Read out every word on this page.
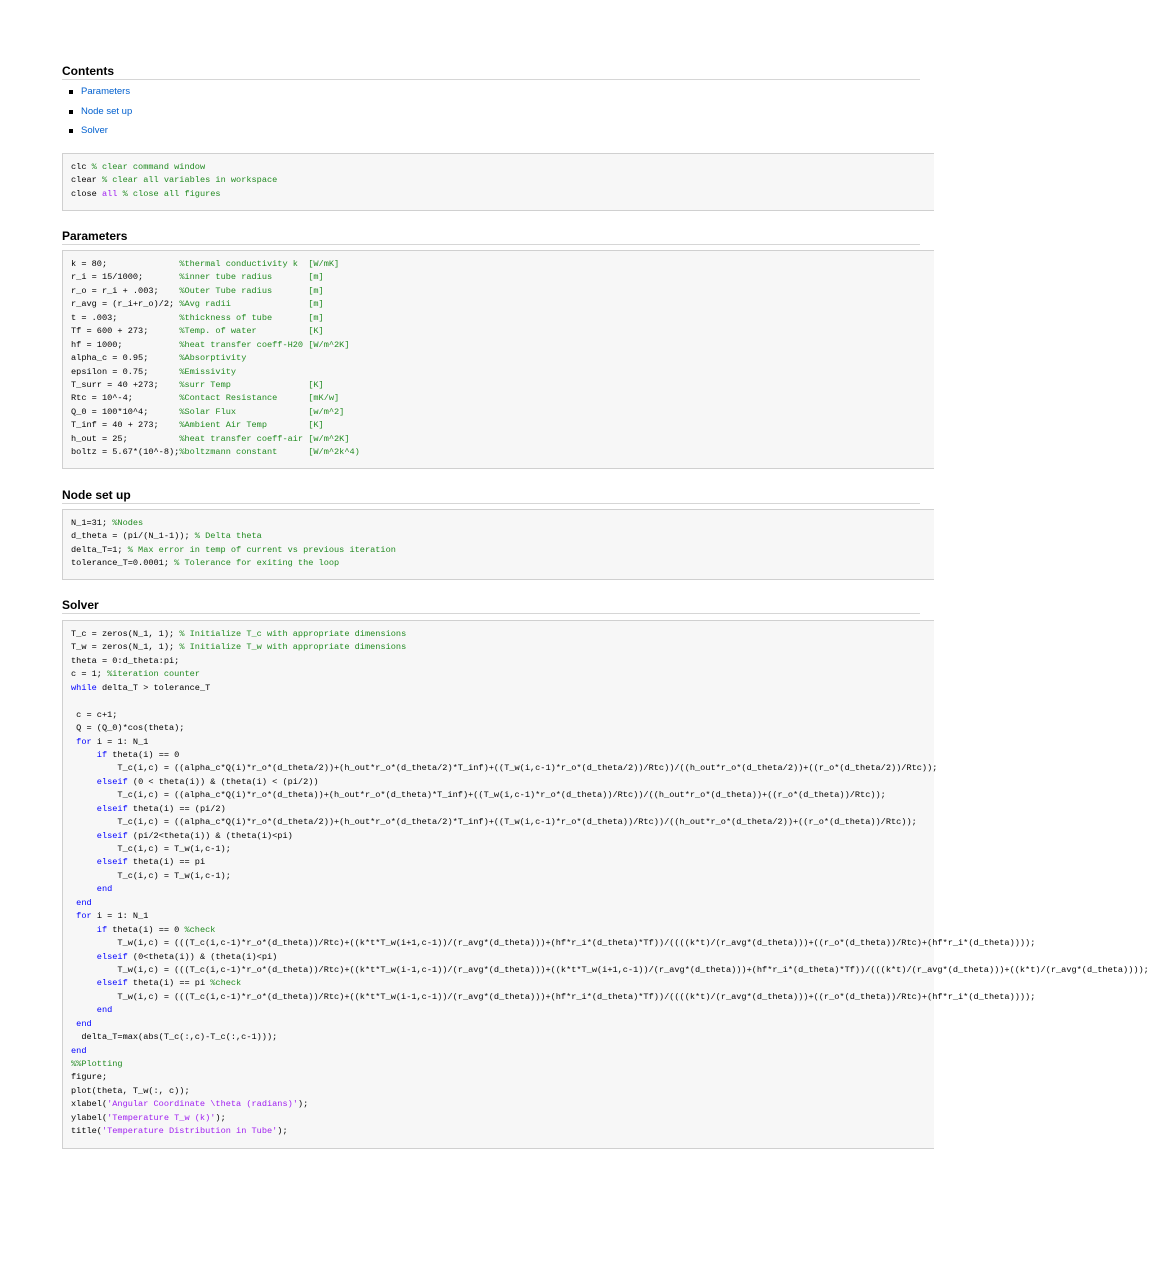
Contents
Parameters
Node set up
Solver
clc % clear command window
clear % clear all variables in workspace
close all % close all figures
Parameters
k = 80;              %thermal conductivity k  [W/mK]
r_i = 15/1000;       %inner tube radius       [m]
r_o = r_i + .003;    %Outer Tube radius       [m]
r_avg = (r_i+r_o)/2; %Avg radii               [m]
t = .003;            %thickness of tube       [m]
Tf = 600 + 273;      %Temp. of water          [K]
hf = 1000;           %heat transfer coeff-H20 [W/m^2K]
alpha_c = 0.95;      %Absorptivity
epsilon = 0.75;      %Emissivity
T_surr = 40 +273;    %surr Temp               [K]
Rtc = 10^-4;         %Contact Resistance      [mK/w]
Q_0 = 100*10^4;      %Solar Flux              [w/m^2]
T_inf = 40 + 273;    %Ambient Air Temp        [K]
h_out = 25;          %heat transfer coeff-air [w/m^2K]
boltz = 5.67*(10^-8);%boltzmann constant      [W/m^2k^4)
Node set up
N_1=31; %Nodes
d_theta = (pi/(N_1-1)); % Delta theta
delta_T=1; % Max error in temp of current vs previous iteration
tolerance_T=0.0001; % Tolerance for exiting the loop
Solver
T_c = zeros(N_1, 1); % Initialize T_c with appropriate dimensions
T_w = zeros(N_1, 1); % Initialize T_w with appropriate dimensions
theta = 0:d_theta:pi;
c = 1; %iteration counter
while delta_T > tolerance_T
c = c+1;
Q = (Q_0)*cos(theta);
for i = 1: N_1
if theta(i) == 0
T_c(i,c) = ((alpha_c*Q(i)*r_o*(d_theta/2))+(h_out*r_o*(d_theta/2)*T_inf)+((T_w(i,c-1)*r_o*(d_theta/2))/Rtc))/((h_out*r_o*(d_theta/2))+((r_o*(d_theta/2))/Rtc));
elseif (0 < theta(i)) & (theta(i) < (pi/2))
T_c(i,c) = ((alpha_c*Q(i)*r_o*(d_theta))+(h_out*r_o*(d_theta)*T_inf)+((T_w(i,c-1)*r_o*(d_theta))/Rtc))/((h_out*r_o*(d_theta))+((r_o*(d_theta))/Rtc));
elseif theta(i) == (pi/2)
T_c(i,c) = ((alpha_c*Q(i)*r_o*(d_theta/2))+(h_out*r_o*(d_theta/2)*T_inf)+((T_w(i,c-1)*r_o*(d_theta))/Rtc))/((h_out*r_o*(d_theta/2))+((r_o*(d_theta))/Rtc));
elseif (pi/2<theta(i)) & (theta(i)<pi)
T_c(i,c) = T_w(i,c-1);
elseif theta(i) == pi
T_c(i,c) = T_w(i,c-1);
end
end
for i = 1: N_1
if theta(i) == 0 %check
T_w(i,c) = (((T_c(i,c-1)*r_o*(d_theta))/Rtc)+((k*t*T_w(i+1,c-1))/(r_avg*(d_theta)))+(hf*r_i*(d_theta)*Tf))/((((k*t)/(r_avg*(d_theta)))+((r_o*(d_theta))/Rtc)+(hf*r_i*(d_theta))));
elseif (0<theta(i)) & (theta(i)<pi)
T_w(i,c) = (((T_c(i,c-1)*r_o*(d_theta))/Rtc)+((k*t*T_w(i-1,c-1))/(r_avg*(d_theta)))+((k*t*T_w(i+1,c-1))/(r_avg*(d_theta)))+(hf*r_i*(d_theta)*Tf))/(((k*t)/(r_avg*(d_theta)))+((k*t)/(r_avg*(d_theta))));
elseif theta(i) == pi %check
T_w(i,c) = (((T_c(i,c-1)*r_o*(d_theta))/Rtc)+((k*t*T_w(i-1,c-1))/(r_avg*(d_theta)))+(hf*r_i*(d_theta)*Tf))/((((k*t)/(r_avg*(d_theta)))+((r_o*(d_theta))/Rtc)+(hf*r_i*(d_theta))));
end
end
delta_T=max(abs(T_c(:,c)-T_c(:,c-1)));
end
%%Plotting
figure;
plot(theta, T_w(:, c));
xlabel('Angular Coordinate \theta (radians)');
ylabel('Temperature T_w (k)');
title('Temperature Distribution in Tube');
